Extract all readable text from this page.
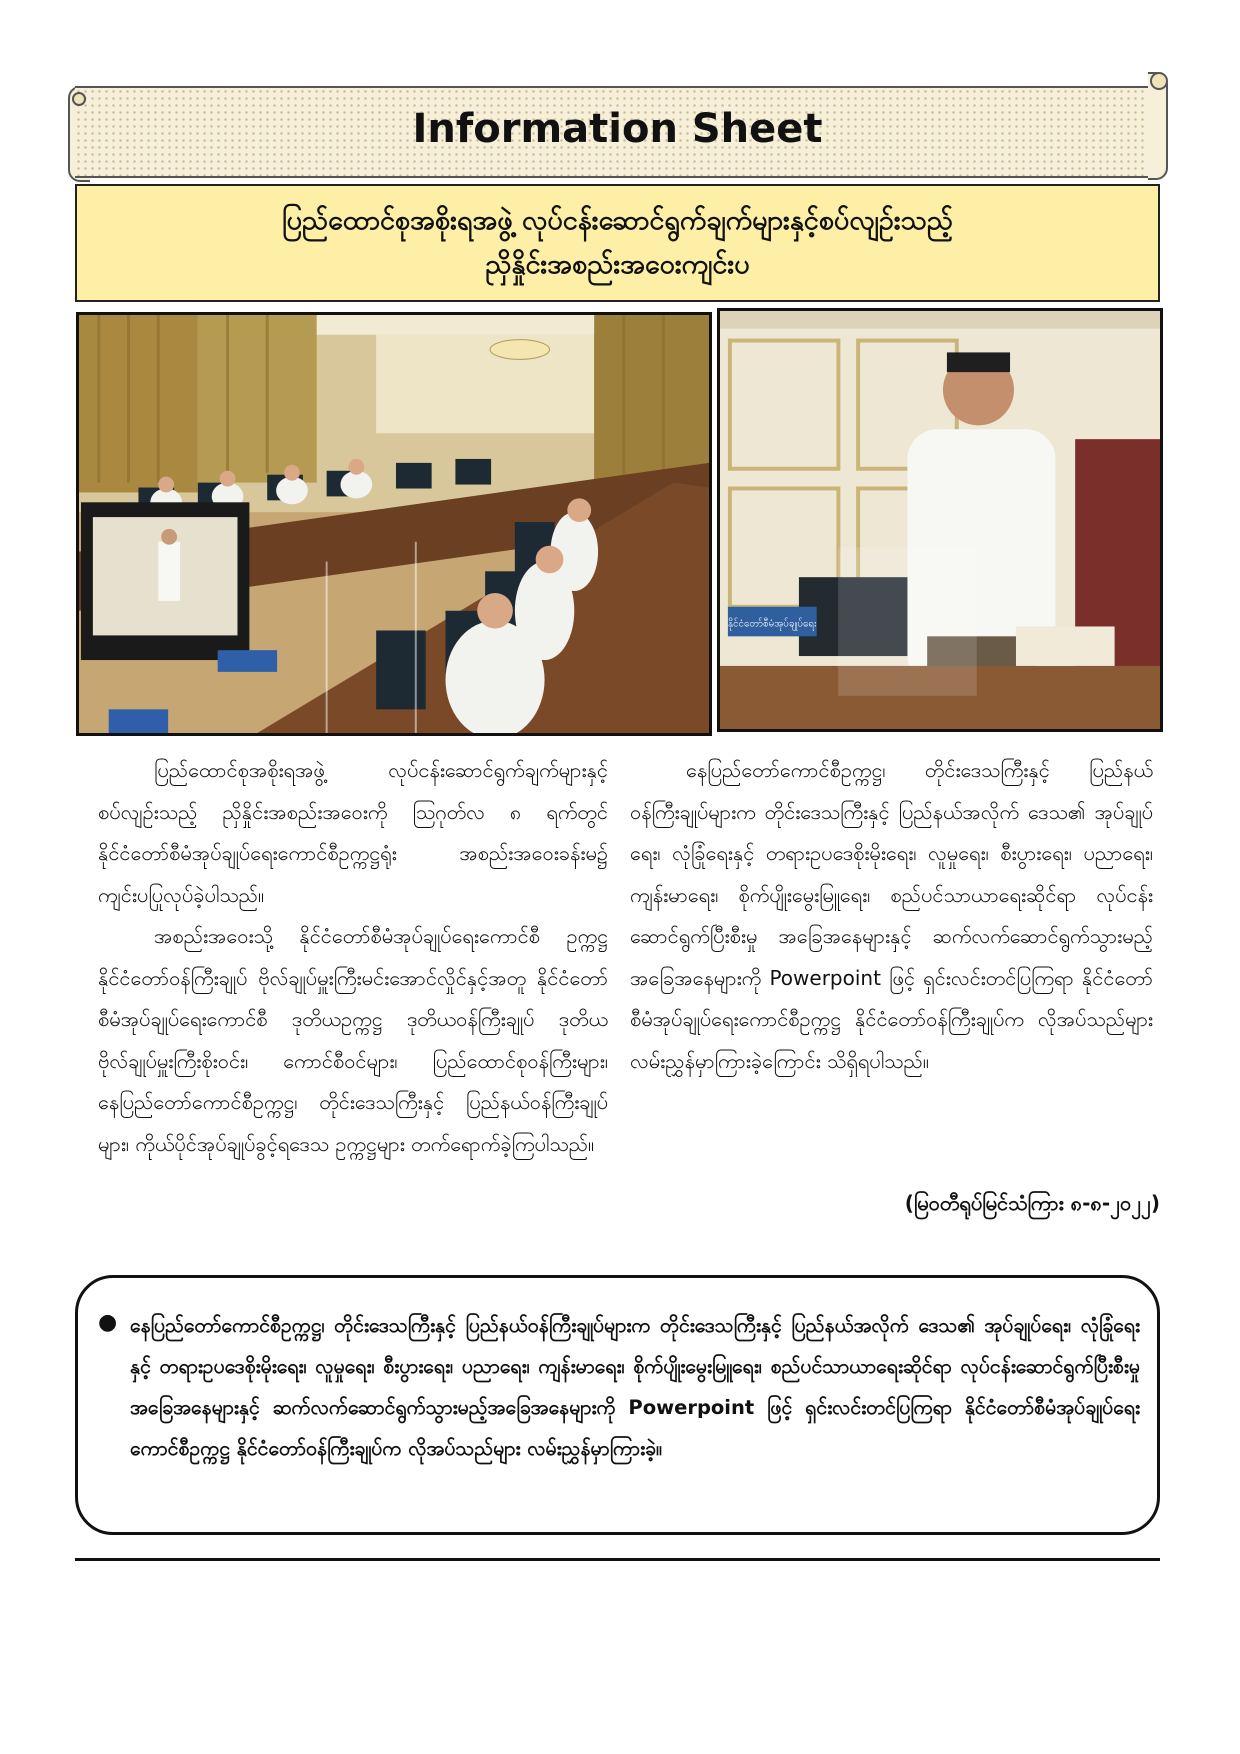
Information Sheet
ပြည်ထောင်စုအစိုးရအဖွဲ့ လုပ်ငန်းဆောင်ရွက်ချက်များနှင့်စပ်လျဉ်းသည့်
ညှိနှိုင်းအစည်းအဝေးကျင်းပ
နိုင်ငံတော်စီမံအုပ်ချုပ်ရေး

ပြည်ထောင်စုအစိုးရအဖွဲ့ လုပ်ငန်းဆောင်ရွက်ချက်များနှင့်စပ်လျဉ်းသည့် ညှိနှိုင်းအစည်းအဝေးကို ဩဂုတ်လ ၈ ရက်တွင် နိုင်ငံတော်စီမံအုပ်ချုပ်ရေးကောင်စီဥက္ကဋ္ဌရုံး အစည်းအဝေးခန်းမ၌ ကျင်းပပြုလုပ်ခဲ့ပါသည်။

အစည်းအဝေးသို့ နိုင်ငံတော်စီမံအုပ်ချုပ်ရေးကောင်စီ ဥက္ကဋ္ဌ နိုင်ငံတော်ဝန်ကြီးချုပ် ဗိုလ်ချုပ်မှူးကြီးမင်းအောင်လှိုင်နှင့်အတူ နိုင်ငံတော်စီမံအုပ်ချုပ်ရေးကောင်စီ ဒုတိယဥက္ကဋ္ဌ ဒုတိယဝန်ကြီးချုပ် ဒုတိယဗိုလ်ချုပ်မှူးကြီးစိုးဝင်း၊ ကောင်စီဝင်များ၊ ပြည်ထောင်စုဝန်ကြီးများ၊ နေပြည်တော်ကောင်စီဥက္ကဋ္ဌ၊ တိုင်းဒေသကြီးနှင့် ပြည်နယ်ဝန်ကြီးချုပ်များ၊ ကိုယ်ပိုင်အုပ်ချုပ်ခွင့်ရဒေသ ဥက္ကဋ္ဌများ တက်ရောက်ခဲ့ကြပါသည်။

နေပြည်တော်ကောင်စီဥက္ကဋ္ဌ၊ တိုင်းဒေသကြီးနှင့် ပြည်နယ်ဝန်ကြီးချုပ်များက တိုင်းဒေသကြီးနှင့် ပြည်နယ်အလိုက် ဒေသ၏ အုပ်ချုပ်ရေး၊ လုံခြုံရေးနှင့် တရားဥပဒေစိုးမိုးရေး၊ လူမှုရေး၊ စီးပွားရေး၊ ပညာရေး၊ ကျန်းမာရေး၊ စိုက်ပျိုးမွေးမြူရေး၊ စည်ပင်သာယာရေးဆိုင်ရာ လုပ်ငန်းဆောင်ရွက်ပြီးစီးမှု အခြေအနေများနှင့် ဆက်လက်ဆောင်ရွက်သွားမည့် အခြေအနေများကို Powerpoint ဖြင့် ရှင်းလင်းတင်ပြကြရာ နိုင်ငံတော်စီမံအုပ်ချုပ်ရေးကောင်စီဥက္ကဋ္ဌ နိုင်ငံတော်ဝန်ကြီးချုပ်က လိုအပ်သည်များ လမ်းညွှန်မှာကြားခဲ့ကြောင်း သိရှိရပါသည်။

(မြဝတီရုပ်မြင်သံကြား ၈-၈-၂၀၂၂)
● နေပြည်တော်ကောင်စီဥက္ကဋ္ဌ၊ တိုင်းဒေသကြီးနှင့် ပြည်နယ်ဝန်ကြီးချုပ်များက တိုင်းဒေသကြီးနှင့် ပြည်နယ်အလိုက် ဒေသ၏ အုပ်ချုပ်ရေး၊ လုံခြုံရေးနှင့် တရားဥပဒေစိုးမိုးရေး၊ လူမှုရေး၊ စီးပွားရေး၊ ပညာရေး၊ ကျန်းမာရေး၊ စိုက်ပျိုးမွေးမြူရေး၊ စည်ပင်သာယာရေးဆိုင်ရာ လုပ်ငန်းဆောင်ရွက်ပြီးစီးမှုအခြေအနေများနှင့် ဆက်လက်ဆောင်ရွက်သွားမည့်အခြေအနေများကို Powerpoint ဖြင့် ရှင်းလင်းတင်ပြကြရာ နိုင်ငံတော်စီမံအုပ်ချုပ်ရေးကောင်စီဥက္ကဋ္ဌ နိုင်ငံတော်ဝန်ကြီးချုပ်က လိုအပ်သည်များ လမ်းညွှန်မှာကြားခဲ့။
